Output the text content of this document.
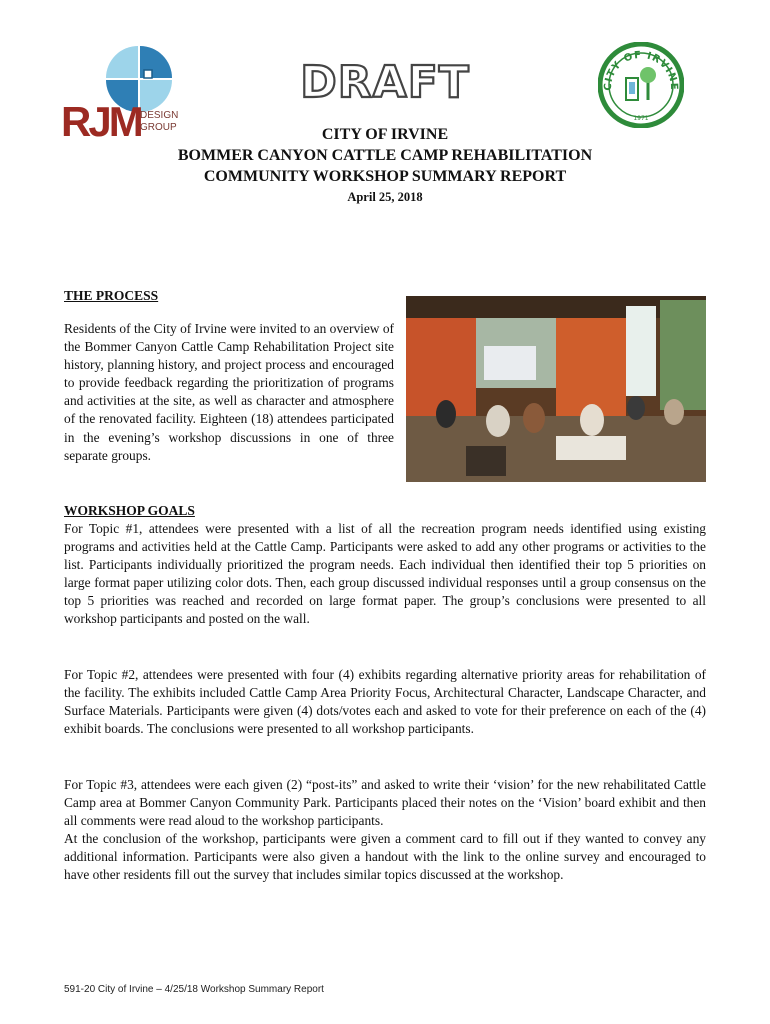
RJM DESIGN
GROUP
DRAFT	CITY OF IRVINE
1971
CITY OF IRVINE
BOMMER CANYON CATTLE CAMP REHABILITATION
COMMUNITY WORKSHOP SUMMARY REPORT
April 25, 2018
THE PROCESS
Residents of the City of Irvine were invited to an overview of the Bommer Canyon Cattle Camp Rehabilitation Project site history, planning history, and project process and encouraged to provide feedback regarding the prioritization of programs and activities at the site, as well as character and atmosphere of the renovated facility. Eighteen (18) attendees participated in the evening’s workshop discussions in one of three separate groups.
WORKSHOP GOALS
For Topic #1, attendees were presented with a list of all the recreation program needs identified using existing programs and activities held at the Cattle Camp. Participants were asked to add any other programs or activities to the list. Participants individually prioritized the program needs. Each individual then identified their top 5 priorities on large format paper utilizing color dots. Then, each group discussed individual responses until a group consensus on the top 5 priorities was reached and recorded on large format paper. The group’s conclusions were presented to all workshop participants and posted on the wall.
For Topic #2, attendees were presented with four (4) exhibits regarding alternative priority areas for rehabilitation of the facility. The exhibits included Cattle Camp Area Priority Focus, Architectural Character, Landscape Character, and Surface Materials. Participants were given (4) dots/votes each and asked to vote for their preference on each of the (4) exhibit boards. The conclusions were presented to all workshop participants.
For Topic #3, attendees were each given (2) “post-its” and asked to write their ‘vision’ for the new rehabilitated Cattle Camp area at Bommer Canyon Community Park. Participants placed their notes on the ‘Vision’ board exhibit and then all comments were read aloud to the workshop participants.
At the conclusion of the workshop, participants were given a comment card to fill out if they wanted to convey any additional information. Participants were also given a handout with the link to the online survey and encouraged to have other residents fill out the survey that includes similar topics discussed at the workshop.
591-20 City of Irvine – 4/25/18 Workshop Summary Report
